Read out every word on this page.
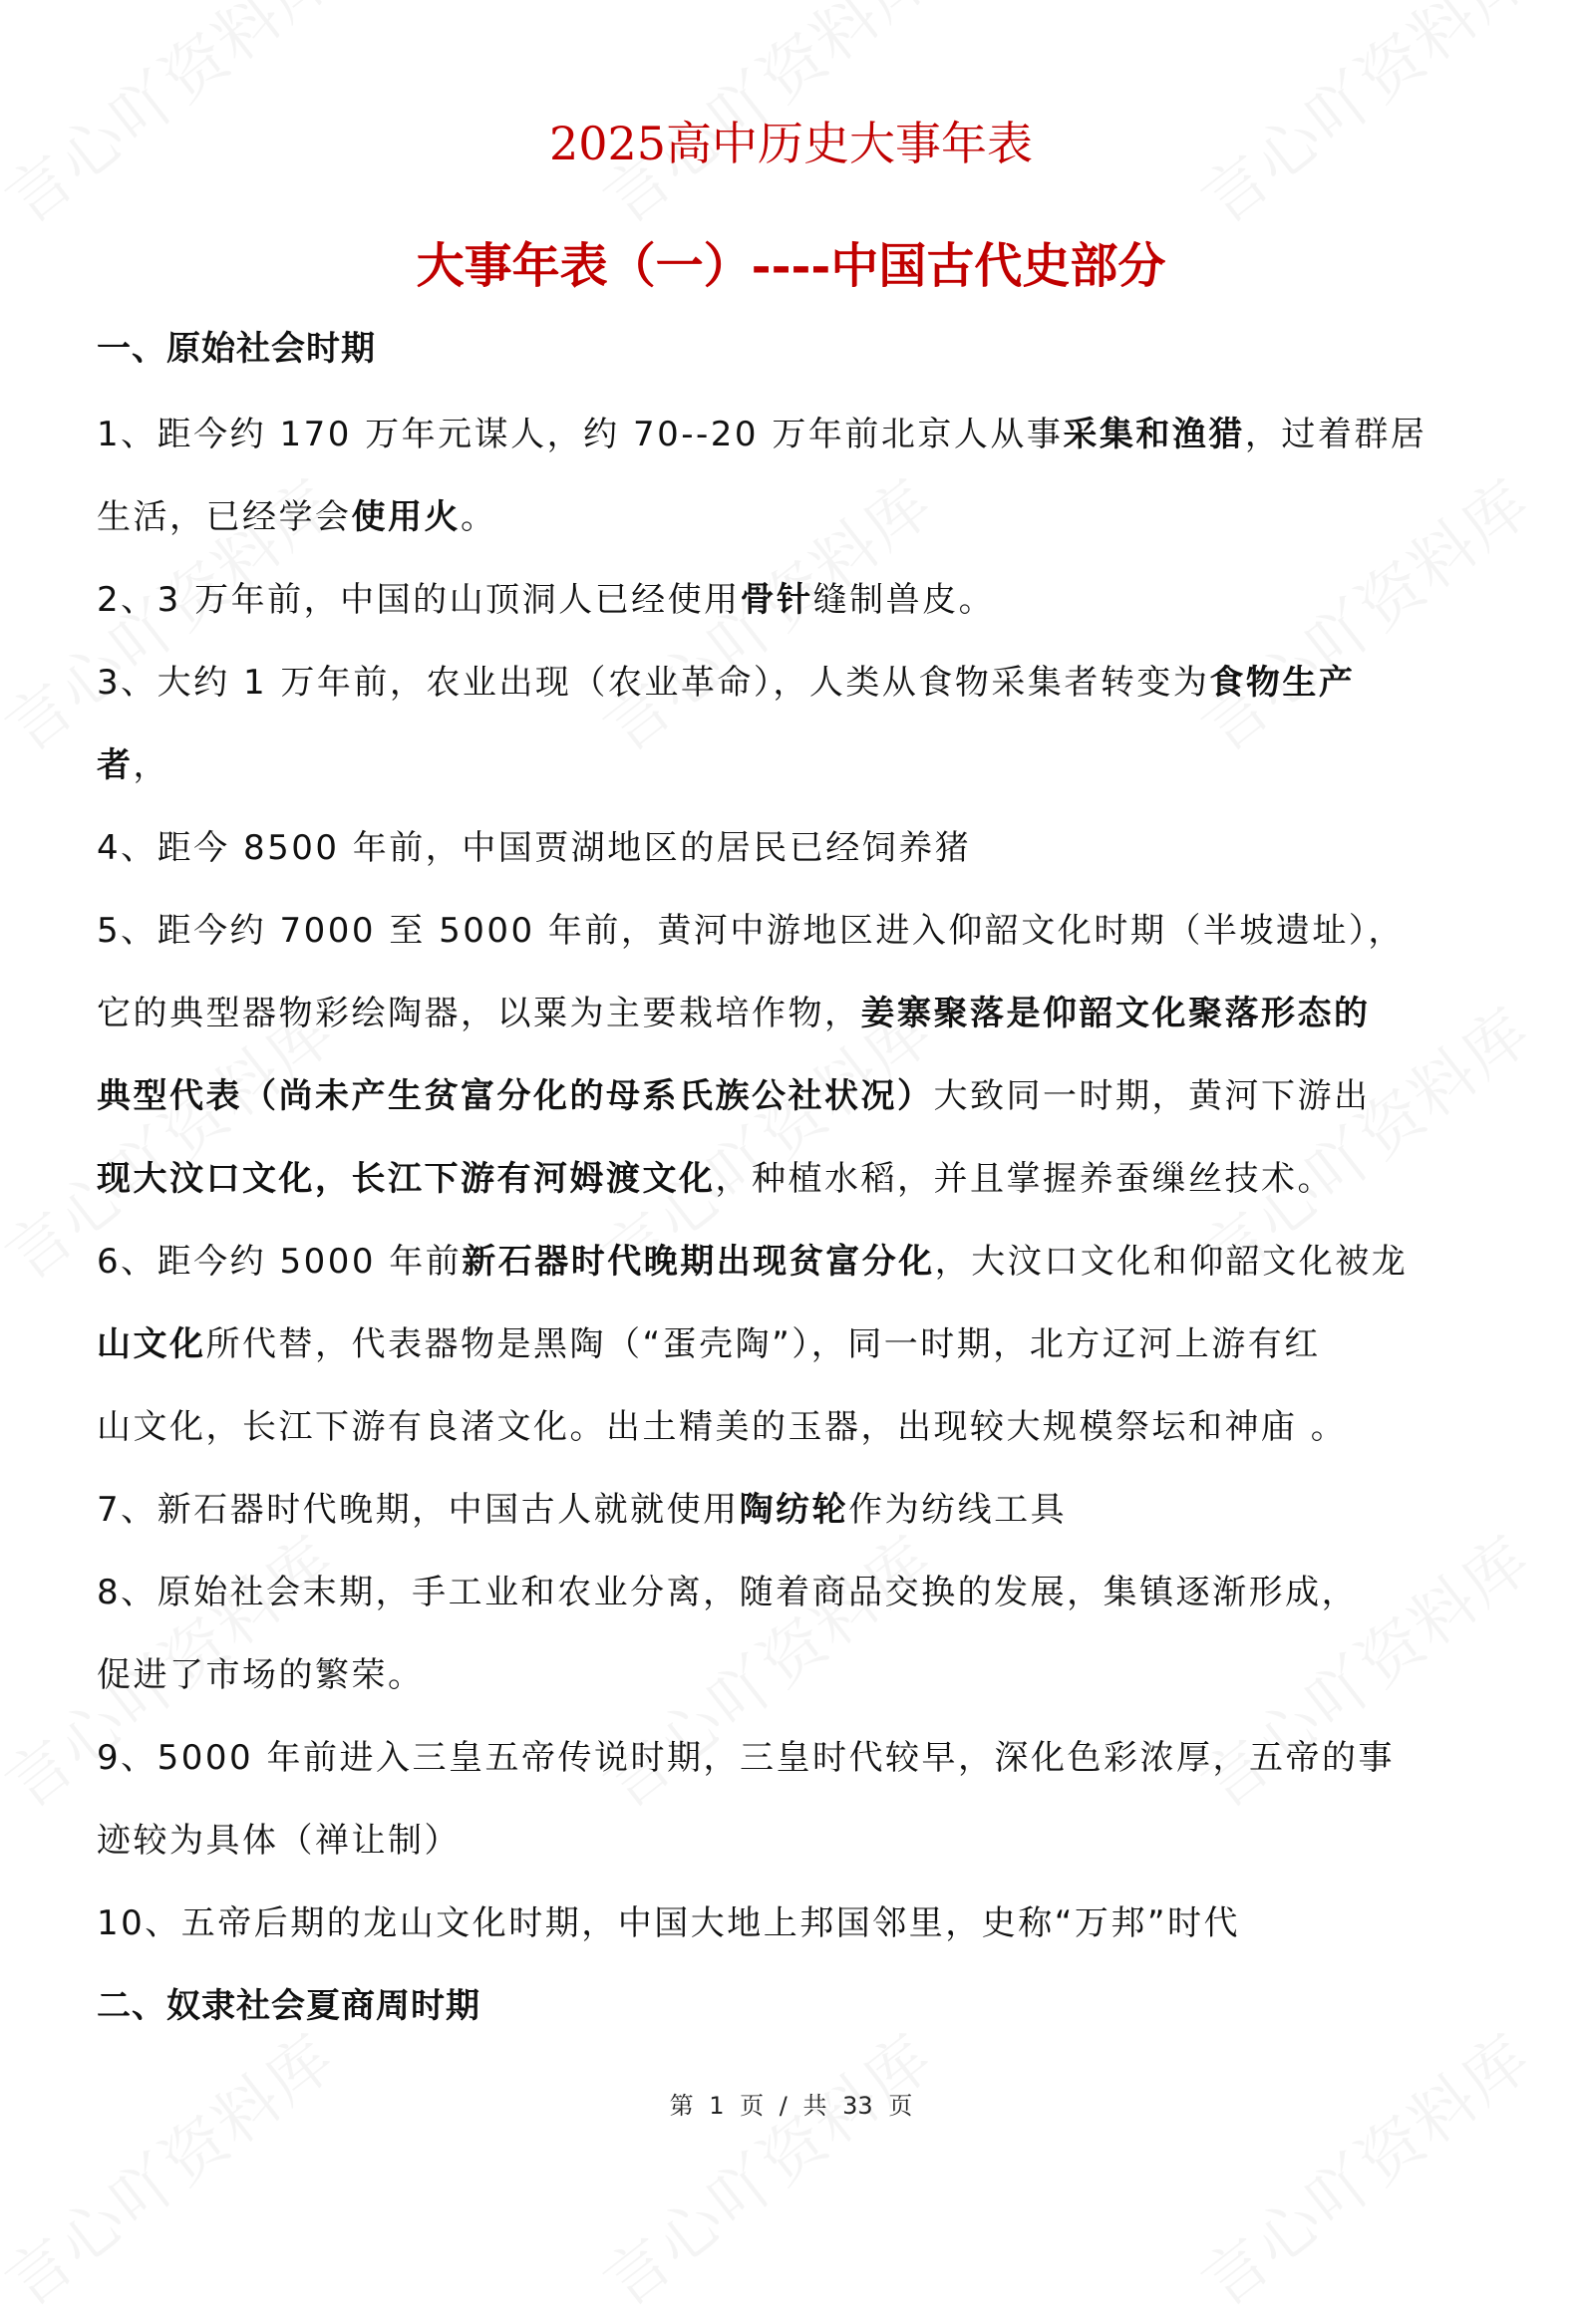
2025高中历史大事年表
大事年表（一）----中国古代史部分
一、原始社会时期
1、距今约 170 万年元谋人，约 70--20 万年前北京人从事采集和渔猎，过着群居
生活，已经学会使用火。
2、3 万年前，中国的山顶洞人已经使用骨针缝制兽皮。
3、大约 1 万年前，农业出现（农业革命），人类从食物采集者转变为食物生产
者，
4、距今 8500 年前，中国贾湖地区的居民已经饲养猪
5、距今约 7000 至 5000 年前，黄河中游地区进入仰韶文化时期（半坡遗址），
它的典型器物彩绘陶器，以粟为主要栽培作物，姜寨聚落是仰韶文化聚落形态的
典型代表（尚未产生贫富分化的母系氏族公社状况）大致同一时期，黄河下游出
现大汶口文化，长江下游有河姆渡文化，种植水稻，并且掌握养蚕缫丝技术。
6、距今约 5000 年前新石器时代晚期出现贫富分化，大汶口文化和仰韶文化被龙
山文化所代替，代表器物是黑陶（“蛋壳陶”），同一时期，北方辽河上游有红
山文化，长江下游有良渚文化。出土精美的玉器，出现较大规模祭坛和神庙 。
7、新石器时代晚期，中国古人就就使用陶纺轮作为纺线工具
8、原始社会末期，手工业和农业分离，随着商品交换的发展，集镇逐渐形成，
促进了市场的繁荣。
9、5000 年前进入三皇五帝传说时期，三皇时代较早，深化色彩浓厚，五帝的事
迹较为具体（禅让制）
10、五帝后期的龙山文化时期，中国大地上邦国邻里，史称“万邦”时代
二、奴隶社会夏商周时期
第 1 页 / 共 33 页
